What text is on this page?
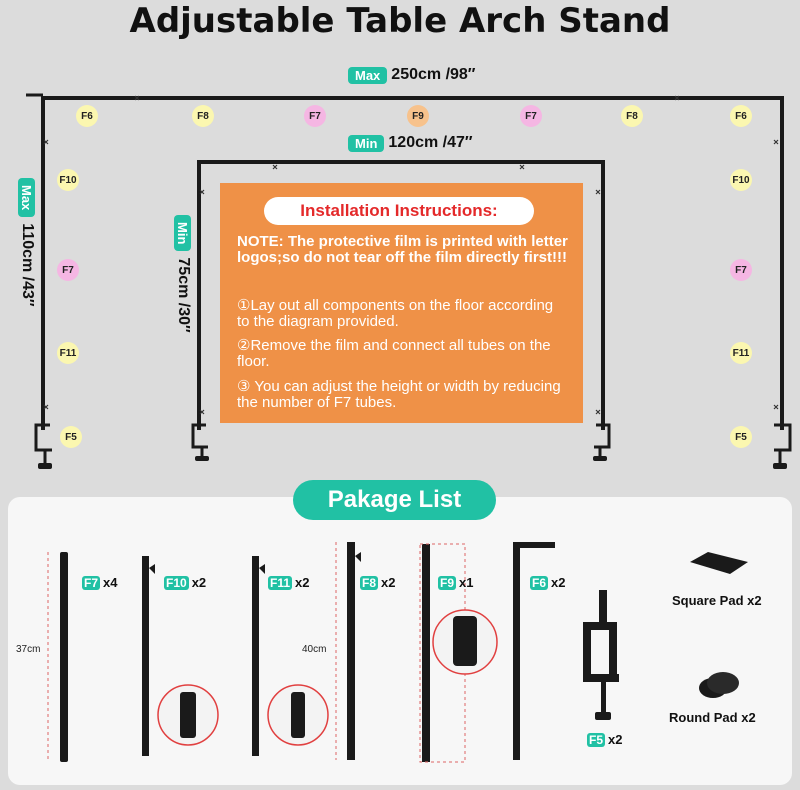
Adjustable Table Arch Stand
Max 250cm /98″
Min 120cm /47″
Max
110cm /43″	Min
75cm /30″
F6	F8	F7	F9	F7	F8	F6
F10
F7
F11
F5
F10
F7
F11
F5
Installation Instructions:
NOTE: The protective film is printed with letter logos;so do not tear off the film directly first!!!
①Lay out all components on the floor according to the diagram provided.
②Remove the film and connect all tubes on the floor.
③ You can adjust the height or width by reducing the number of F7 tubes.
Pakage List
F7 x4	F10 x2	F11 x2	F8 x2	F9 x1	F6 x2
F5 x2
Square Pad x2
Round Pad x2
37cm	40cm
